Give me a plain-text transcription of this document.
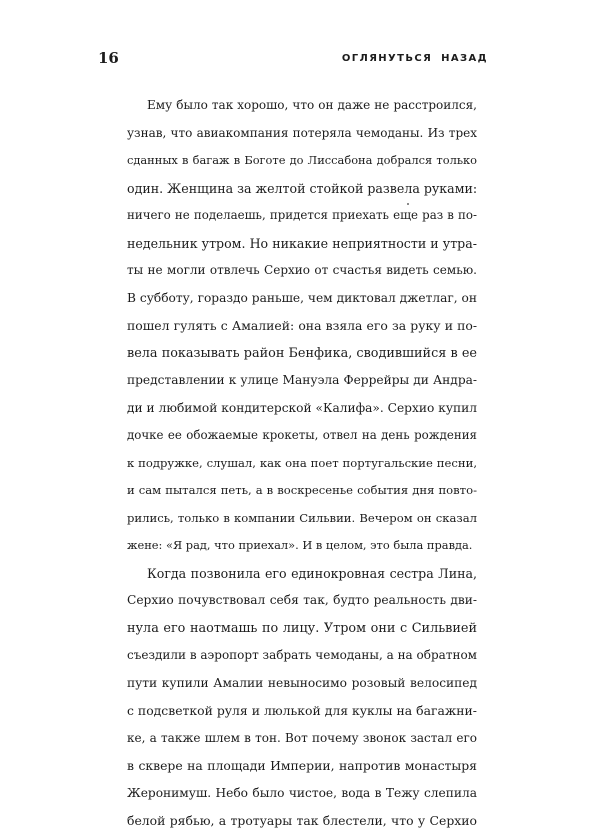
16	ОГЛЯНУТЬСЯ НАЗАД
Ему было так хорошо, что он даже не расстроился,
узнав, что авиакомпания потеряла чемоданы. Из трех
сданных в багаж в Боготе до Лиссабона добрался только
один. Женщина за желтой стойкой развела руками:
ничего не поделаешь, придется приехать еще раз в по-
недельник утром. Но никакие неприятности и утра-
ты не могли отвлечь Серхио от счастья видеть семью.
В субботу, гораздо раньше, чем диктовал джетлаг, он
пошел гулять с Амалией: она взяла его за руку и по-
вела показывать район Бенфика, сводившийся в ее
представлении к улице Мануэла Феррейры ди Андра-
ди и любимой кондитерской «Калифа». Серхио купил
дочке ее обожаемые крокеты, отвел на день рождения
к подружке, слушал, как она поет португальские песни,
и сам пытался петь, а в воскресенье события дня повто-
рились, только в компании Сильвии. Вечером он сказал
жене: «Я рад, что приехал». И в целом, это была правда.
Когда позвонила его единокровная сестра Лина,
Серхио почувствовал себя так, будто реальность дви-
нула его наотмашь по лицу. Утром они с Сильвией
съездили в аэропорт забрать чемоданы, а на обратном
пути купили Амалии невыносимо розовый велосипед
с подсветкой руля и люлькой для куклы на багажни-
ке, а также шлем в тон. Вот почему звонок застал его
в сквере на площади Империи, напротив монастыря
Жеронимуш. Небо было чистое, вода в Тежу слепила
белой рябью, а тротуары так блестели, что у Серхио
